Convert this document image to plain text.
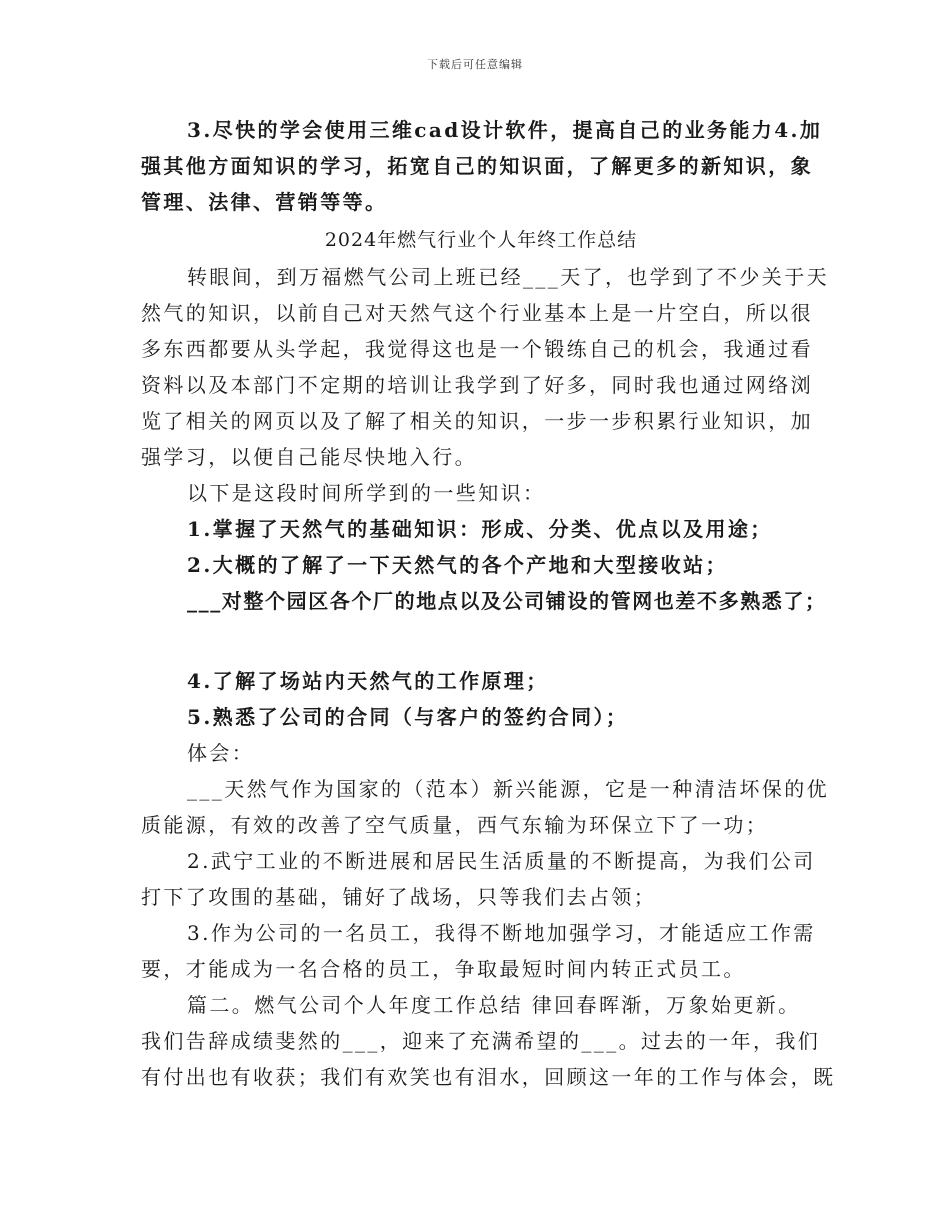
下载后可任意编辑
3.尽快的学会使用三维cad设计软件，提高自己的业务能力4.加
强其他方面知识的学习，拓宽自己的知识面，了解更多的新知识，象
管理、法律、营销等等。
2024年燃气行业个人年终工作总结
转眼间，到万福燃气公司上班已经___天了，也学到了不少关于天
然气的知识，以前自己对天然气这个行业基本上是一片空白，所以很
多东西都要从头学起，我觉得这也是一个锻练自己的机会，我通过看
资料以及本部门不定期的培训让我学到了好多，同时我也通过网络浏
览了相关的网页以及了解了相关的知识，一步一步积累行业知识，加
强学习，以便自己能尽快地入行。
以下是这段时间所学到的一些知识：
1.掌握了天然气的基础知识：形成、分类、优点以及用途；
2.大概的了解了一下天然气的各个产地和大型接收站；
___对整个园区各个厂的地点以及公司铺设的管网也差不多熟悉了；
4.了解了场站内天然气的工作原理；
5.熟悉了公司的合同（与客户的签约合同）；
体会：
___天然气作为国家的（范本）新兴能源，它是一种清洁坏保的优
质能源，有效的改善了空气质量，西气东输为环保立下了一功；
2.武宁工业的不断进展和居民生活质量的不断提高，为我们公司
打下了攻围的基础，铺好了战场，只等我们去占领；
3.作为公司的一名员工，我得不断地加强学习，才能适应工作需
要，才能成为一名合格的员工，争取最短时间内转正式员工。
篇二。燃气公司个人年度工作总结 律回春晖渐，万象始更新。
我们告辞成绩斐然的___，迎来了充满希望的___。过去的一年，我们
有付出也有收获；我们有欢笑也有泪水，回顾这一年的工作与体会，既
